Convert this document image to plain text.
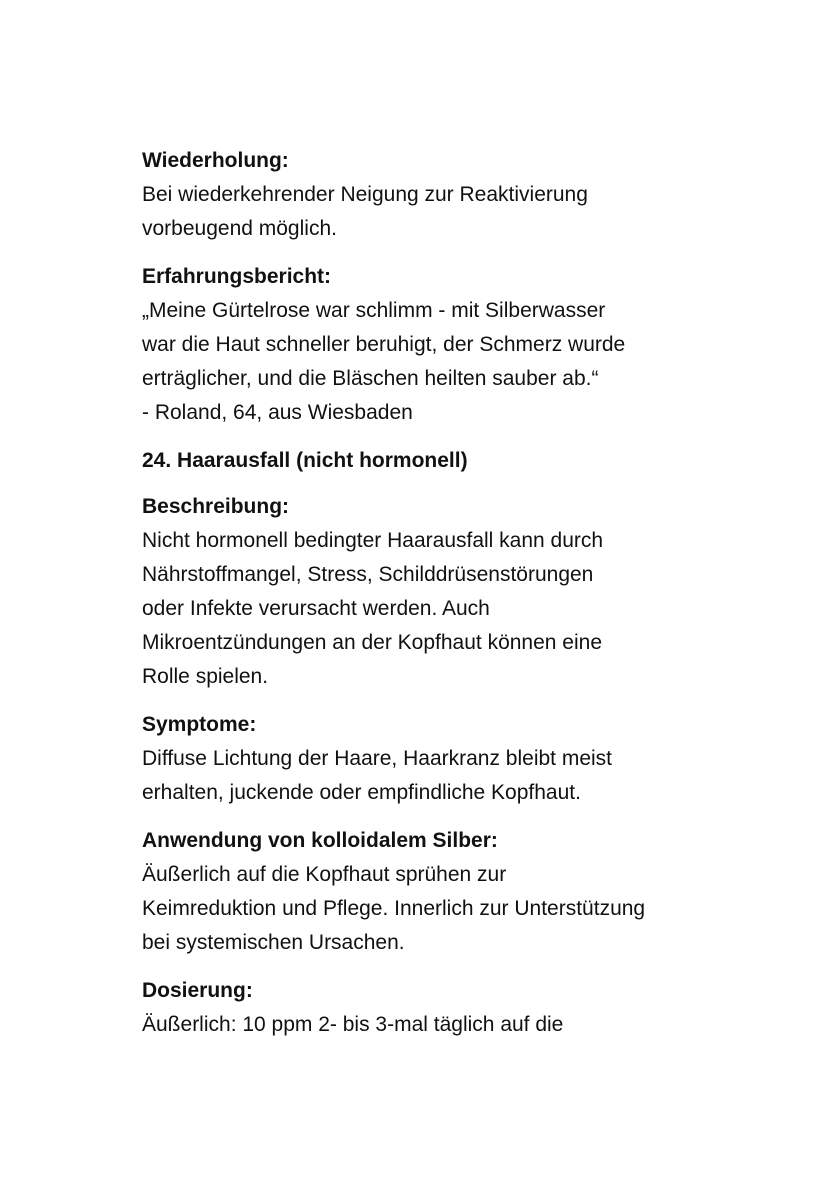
Wiederholung:
Bei wiederkehrender Neigung zur Reaktivierung
vorbeugend möglich.
Erfahrungsbericht:
„Meine Gürtelrose war schlimm - mit Silberwasser
war die Haut schneller beruhigt, der Schmerz wurde
erträglicher, und die Bläschen heilten sauber ab.“
- Roland, 64, aus Wiesbaden
24. Haarausfall (nicht hormonell)
Beschreibung:
Nicht hormonell bedingter Haarausfall kann durch
Nährstoffmangel, Stress, Schilddrüsenstörungen
oder Infekte verursacht werden. Auch
Mikroentzündungen an der Kopfhaut können eine
Rolle spielen.
Symptome:
Diffuse Lichtung der Haare, Haarkranz bleibt meist
erhalten, juckende oder empfindliche Kopfhaut.
Anwendung von kolloidalem Silber:
Äußerlich auf die Kopfhaut sprühen zur
Keimreduktion und Pflege. Innerlich zur Unterstützung
bei systemischen Ursachen.
Dosierung:
Äußerlich: 10 ppm 2- bis 3-mal täglich auf die
